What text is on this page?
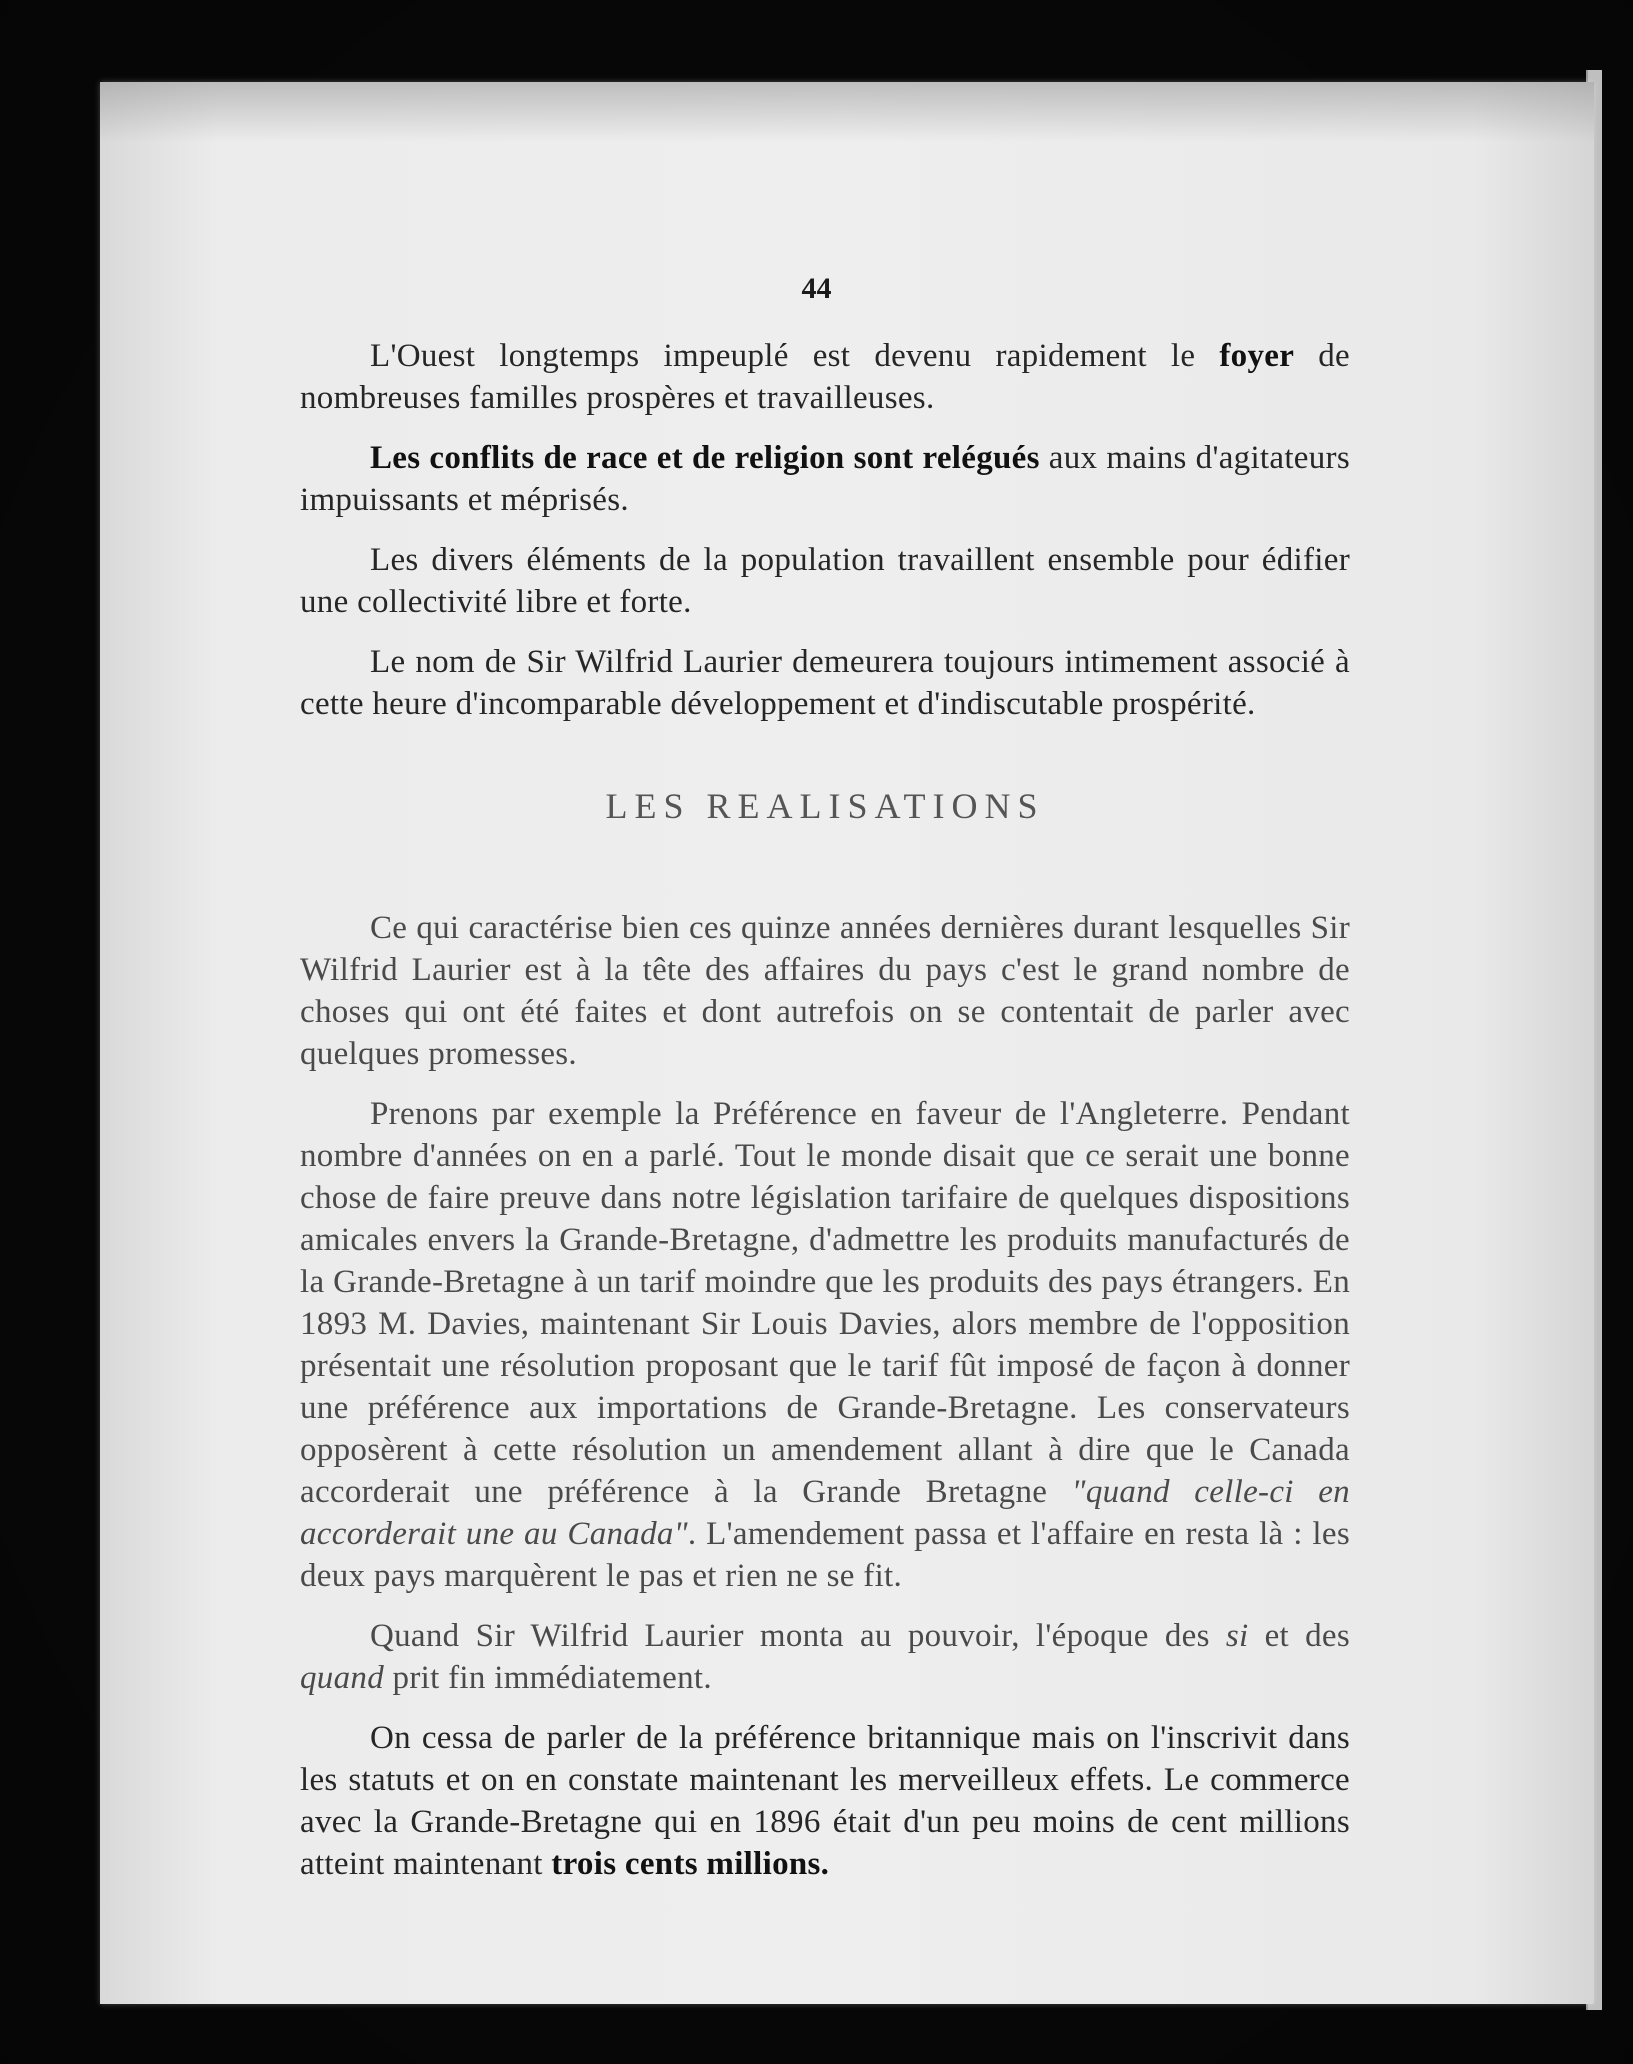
44

L'Ouest longtemps impeuplé est devenu rapidement le foyer de nombreuses familles prospères et travailleuses.

Les conflits de race et de religion sont relégués aux mains d'agitateurs impuissants et méprisés.

Les divers éléments de la population travaillent ensemble pour édifier une collectivité libre et forte.

Le nom de Sir Wilfrid Laurier demeurera toujours intimement associé à cette heure d'incomparable développement et d'indiscutable prospérité.

LES REALISATIONS

Ce qui caractérise bien ces quinze années dernières durant lesquelles Sir Wilfrid Laurier est à la tête des affaires du pays c'est le grand nombre de choses qui ont été faites et dont autrefois on se contentait de parler avec quelques promesses.

Prenons par exemple la Préférence en faveur de l'Angleterre. Pendant nombre d'années on en a parlé. Tout le monde disait que ce serait une bonne chose de faire preuve dans notre législation tarifaire de quelques dispositions amicales envers la Grande-Bretagne, d'admettre les produits manufacturés de la Grande-Bretagne à un tarif moindre que les produits des pays étrangers. En 1893 M. Davies, maintenant Sir Louis Davies, alors membre de l'opposition présentait une résolution proposant que le tarif fût imposé de façon à donner une préférence aux importations de Grande-Bretagne. Les conservateurs opposèrent à cette résolution un amendement allant à dire que le Canada accorderait une préférence à la Grande Bretagne "quand celle-ci en accorderait une au Canada". L'amendement passa et l'affaire en resta là : les deux pays marquèrent le pas et rien ne se fit.

Quand Sir Wilfrid Laurier monta au pouvoir, l'époque des si et des quand prit fin immédiatement.

On cessa de parler de la préférence britannique mais on l'inscrivit dans les statuts et on en constate maintenant les merveilleux effets. Le commerce avec la Grande-Bretagne qui en 1896 était d'un peu moins de cent millions atteint maintenant trois cents millions.
